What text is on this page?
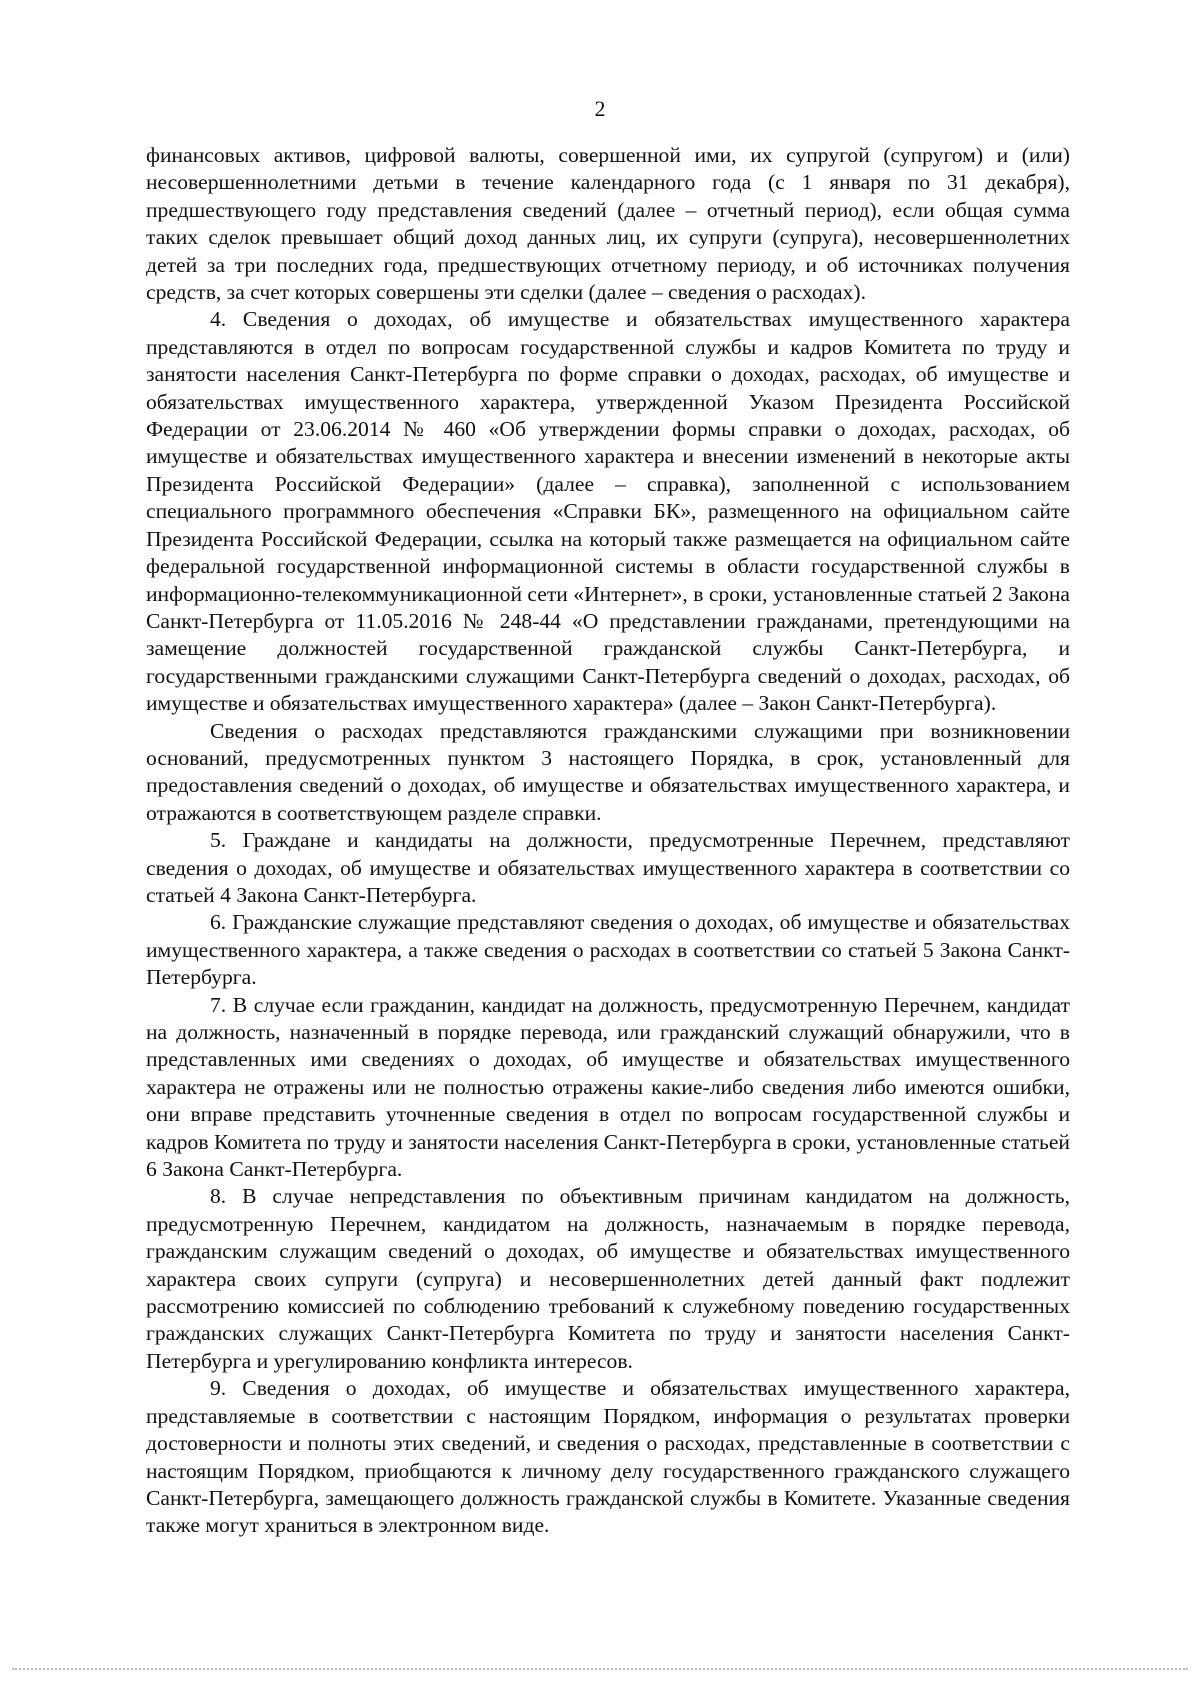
2

финансовых активов, цифровой валюты, совершенной ими, их супругой (супругом) и (или) несовершеннолетними детьми в течение календарного года (с 1 января по 31 декабря), предшествующего году представления сведений (далее – отчетный период), если общая сумма таких сделок превышает общий доход данных лиц, их супруги (супруга), несовершеннолетних детей за три последних года, предшествующих отчетному периоду, и об источниках получения средств, за счет которых совершены эти сделки (далее – сведения о расходах).

4. Сведения о доходах, об имуществе и обязательствах имущественного характера представляются в отдел по вопросам государственной службы и кадров Комитета по труду и занятости населения Санкт-Петербурга по форме справки о доходах, расходах, об имуществе и обязательствах имущественного характера, утвержденной Указом Президента Российской Федерации от 23.06.2014 № 460 «Об утверждении формы справки о доходах, расходах, об имуществе и обязательствах имущественного характера и внесении изменений в некоторые акты Президента Российской Федерации» (далее – справка), заполненной с использованием специального программного обеспечения «Справки БК», размещенного на официальном сайте Президента Российской Федерации, ссылка на который также размещается на официальном сайте федеральной государственной информационной системы в области государственной службы в информационно-телекоммуникационной сети «Интернет», в сроки, установленные статьей 2 Закона Санкт-Петербурга от 11.05.2016 № 248-44 «О представлении гражданами, претендующими на замещение должностей государственной гражданской службы Санкт-Петербурга, и государственными гражданскими служащими Санкт-Петербурга сведений о доходах, расходах, об имуществе и обязательствах имущественного характера» (далее – Закон Санкт-Петербурга).

Сведения о расходах представляются гражданскими служащими при возникновении оснований, предусмотренных пунктом 3 настоящего Порядка, в срок, установленный для предоставления сведений о доходах, об имуществе и обязательствах имущественного характера, и отражаются в соответствующем разделе справки.

5. Граждане и кандидаты на должности, предусмотренные Перечнем, представляют сведения о доходах, об имуществе и обязательствах имущественного характера в соответствии со статьей 4 Закона Санкт-Петербурга.

6. Гражданские служащие представляют сведения о доходах, об имуществе и обязательствах имущественного характера, а также сведения о расходах в соответствии со статьей 5 Закона Санкт-Петербурга.

7. В случае если гражданин, кандидат на должность, предусмотренную Перечнем, кандидат на должность, назначенный в порядке перевода, или гражданский служащий обнаружили, что в представленных ими сведениях о доходах, об имуществе и обязательствах имущественного характера не отражены или не полностью отражены какие-либо сведения либо имеются ошибки, они вправе представить уточненные сведения в отдел по вопросам государственной службы и кадров Комитета по труду и занятости населения Санкт-Петербурга в сроки, установленные статьей 6 Закона Санкт-Петербурга.

8. В случае непредставления по объективным причинам кандидатом на должность, предусмотренную Перечнем, кандидатом на должность, назначаемым в порядке перевода, гражданским служащим сведений о доходах, об имуществе и обязательствах имущественного характера своих супруги (супруга) и несовершеннолетних детей данный факт подлежит рассмотрению комиссией по соблюдению требований к служебному поведению государственных гражданских служащих Санкт-Петербурга Комитета по труду и занятости населения Санкт-Петербурга и урегулированию конфликта интересов.

9. Сведения о доходах, об имуществе и обязательствах имущественного характера, представляемые в соответствии с настоящим Порядком, информация о результатах проверки достоверности и полноты этих сведений, и сведения о расходах, представленные в соответствии с настоящим Порядком, приобщаются к личному делу государственного гражданского служащего Санкт-Петербурга, замещающего должность гражданской службы в Комитете. Указанные сведения также могут храниться в электронном виде.
